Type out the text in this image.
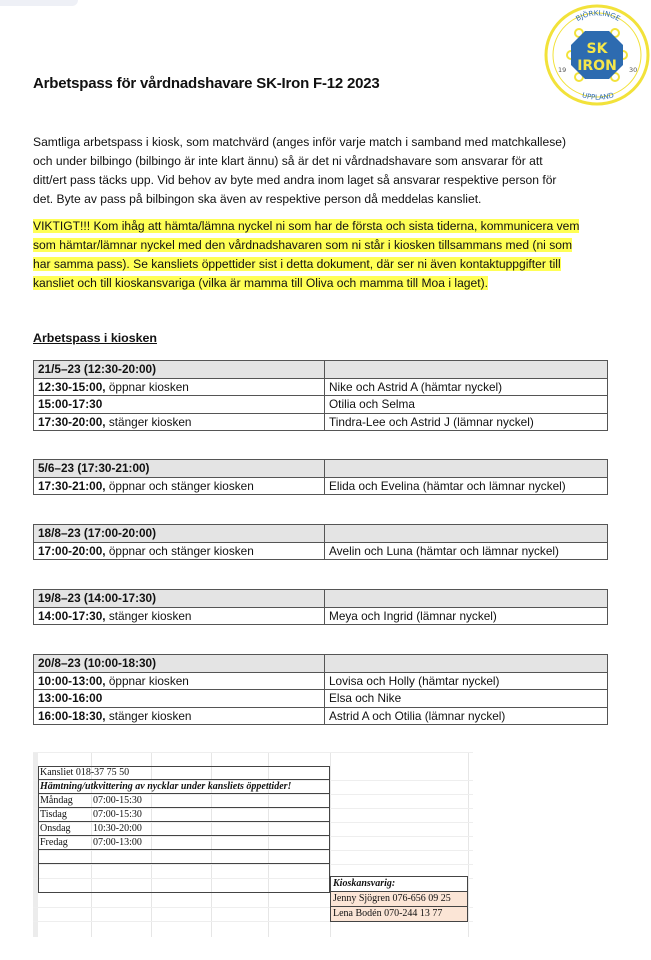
SK
IRON
19	30
BJÖRKLINGE
UPPLAND
Arbetspass för vårdnadshavare SK-Iron F-12 2023
Samtliga arbetspass i kiosk, som matchvärd (anges inför varje match i samband med matchkallese)
och under bilbingo (bilbingo är inte klart ännu) så är det ni vårdnadshavare som ansvarar för att
ditt/ert pass täcks upp. Vid behov av byte med andra inom laget så ansvarar respektive person för
det. Byte av pass på bilbingon ska även av respektive person då meddelas kansliet.
VIKTIGT!!! Kom ihåg att hämta/lämna nyckel ni som har de första och sista tiderna, kommunicera vem
som hämtar/lämnar nyckel med den vårdnadshavaren som ni står i kiosken tillsammans med (ni som
har samma pass). Se kansliets öppettider sist i detta dokument, där ser ni även kontaktuppgifter till
kansliet och till kioskansvariga (vilka är mamma till Oliva och mamma till Moa i laget).
Arbetspass i kiosken
21/5–23 (12:30-20:00)	
12:30-15:00, öppnar kiosken	Nike och Astrid A (hämtar nyckel)
15:00-17:30	Otilia och Selma
17:30-20:00, stänger kiosken	Tindra-Lee och Astrid J (lämnar nyckel)
5/6–23 (17:30-21:00)	
17:30-21:00, öppnar och stänger kiosken	Elida och Evelina (hämtar och lämnar nyckel)
18/8–23 (17:00-20:00)	
17:00-20:00, öppnar och stänger kiosken	Avelin och Luna (hämtar och lämnar nyckel)
19/8–23 (14:00-17:30)	
14:00-17:30, stänger kiosken	Meya och Ingrid (lämnar nyckel)
20/8–23 (10:00-18:30)	
10:00-13:00, öppnar kiosken	Lovisa och Holly (hämtar nyckel)
13:00-16:00	Elsa och Nike
16:00-18:30, stänger kiosken	Astrid A och Otilia (lämnar nyckel)
Kansliet 018-37 75 50
Hämtning/utkvittering av nycklar under kansliets öppettider!
Måndag 07:00-15:30
Tisdag	07:00-15:30
Onsdag 10:30-20:00
Fredag	07:00-13:00
Kioskansvarig:
Jenny Sjögren 076-656 09 25
Lena Bodén 070-244 13 77
